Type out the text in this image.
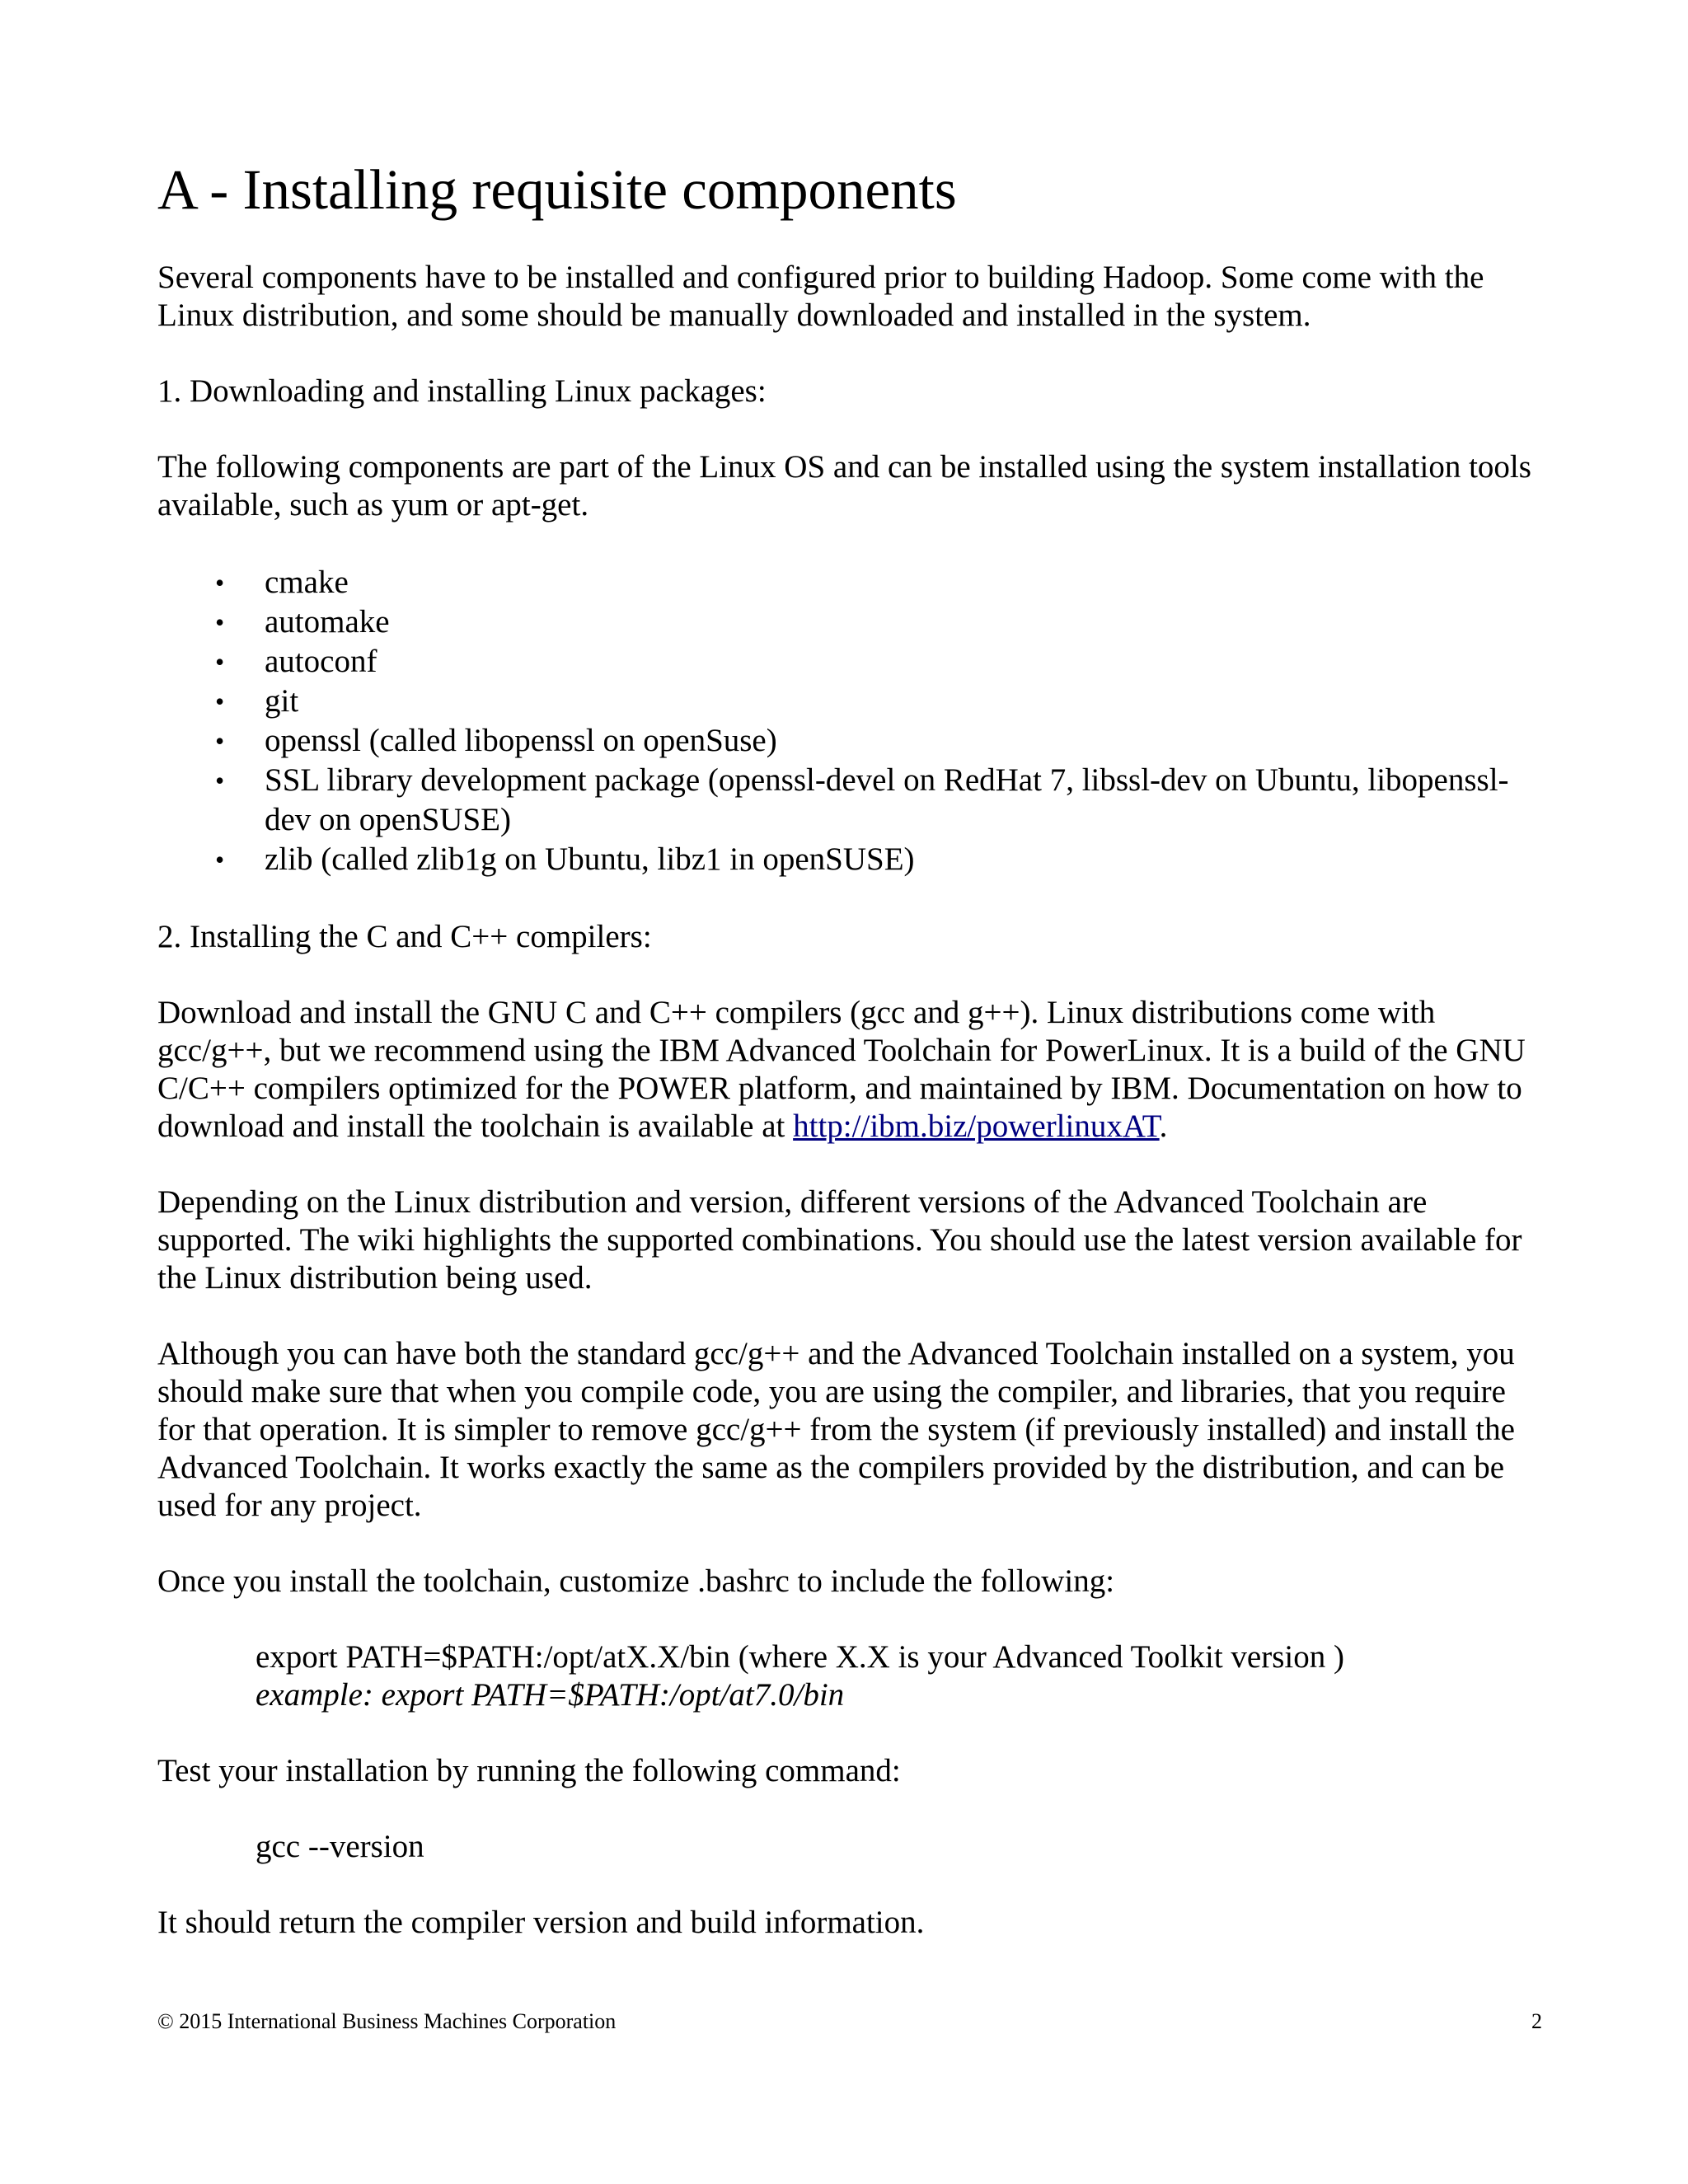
A - Installing requisite components

Several components have to be installed and configured prior to building Hadoop. Some come with the Linux distribution, and some should be manually downloaded and installed in the system.

1. Downloading and installing Linux packages:

The following components are part of the Linux OS and can be installed using the system installation tools available, such as yum or apt-get.

•	cmake
•	automake
•	autoconf
•	git
•	openssl (called libopenssl on openSuse)
•	SSL library development package (openssl-devel on RedHat 7, libssl-dev on Ubuntu, libopenssl-dev on openSUSE)
•	zlib (called zlib1g on Ubuntu, libz1 in openSUSE)

2. Installing the C and C++ compilers:

Download and install the GNU C and C++ compilers (gcc and g++). Linux distributions come with gcc/g++, but we recommend using the IBM Advanced Toolchain for PowerLinux. It is a build of the GNU C/C++ compilers optimized for the POWER platform, and maintained by IBM. Documentation on how to download and install the toolchain is available at http://ibm.biz/powerlinuxAT.

Depending on the Linux distribution and version, different versions of the Advanced Toolchain are supported. The wiki highlights the supported combinations. You should use the latest version available for the Linux distribution being used.

Although you can have both the standard gcc/g++ and the Advanced Toolchain installed on a system, you should make sure that when you compile code, you are using the compiler, and libraries, that you require for that operation. It is simpler to remove gcc/g++ from the system (if previously installed) and install the Advanced Toolchain. It works exactly the same as the compilers provided by the distribution, and can be used for any project.

Once you install the toolchain, customize .bashrc to include the following:

export PATH=$PATH:/opt/atX.X/bin (where X.X is your Advanced Toolkit version )

example: export PATH=$PATH:/opt/at7.0/bin

Test your installation by running the following command:

gcc --version

It should return the compiler version and build information.

© 2015 International Business Machines Corporation	2
